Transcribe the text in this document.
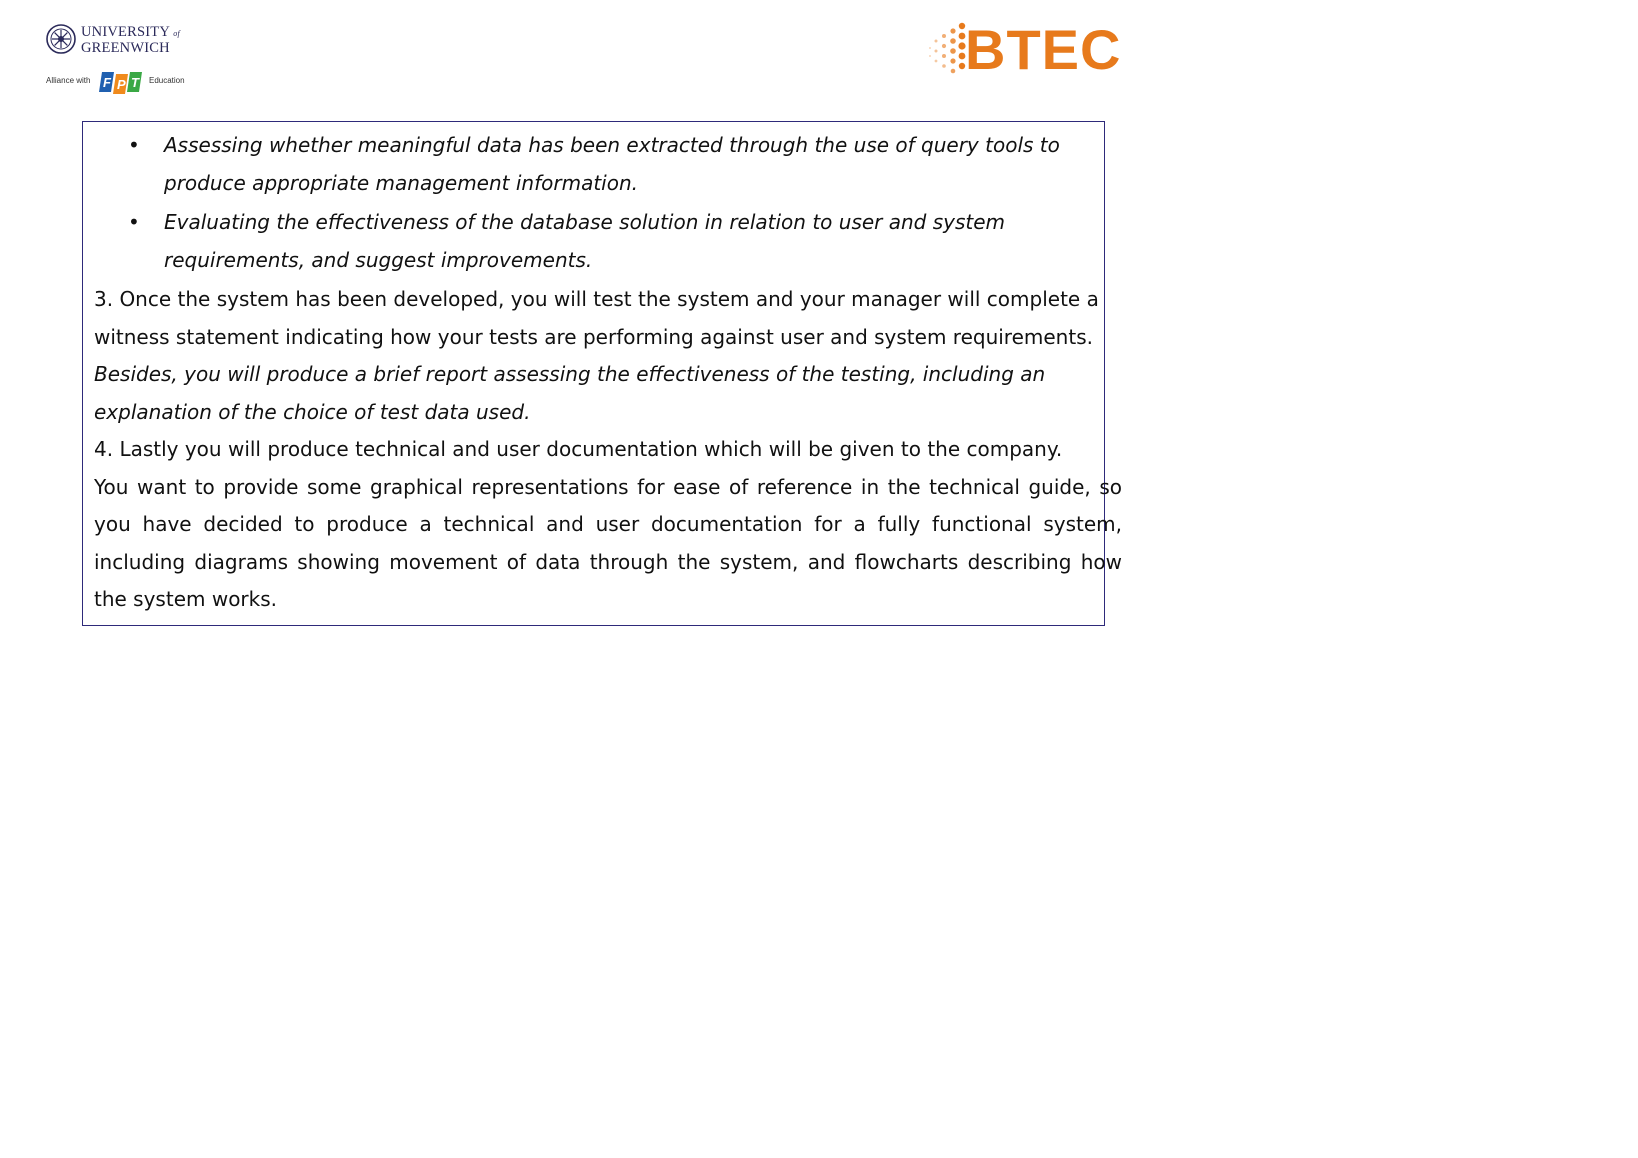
UNIVERSITY of
GREENWICH
Alliance with F P T Education	BTEC
• Assessing whether meaningful data has been extracted through the use of query tools to produce appropriate management information.
• Evaluating the effectiveness of the database solution in relation to user and system requirements, and suggest improvements.

3. Once the system has been developed, you will test the system and your manager will complete a witness statement indicating how your tests are performing against user and system requirements.

Besides, you will produce a brief report assessing the effectiveness of the testing, including an explanation of the choice of test data used.

4. Lastly you will produce technical and user documentation which will be given to the company.

You want to provide some graphical representations for ease of reference in the technical guide, so you have decided to produce a technical and user documentation for a fully functional system, including diagrams showing movement of data through the system, and flowcharts describing how the system works.
